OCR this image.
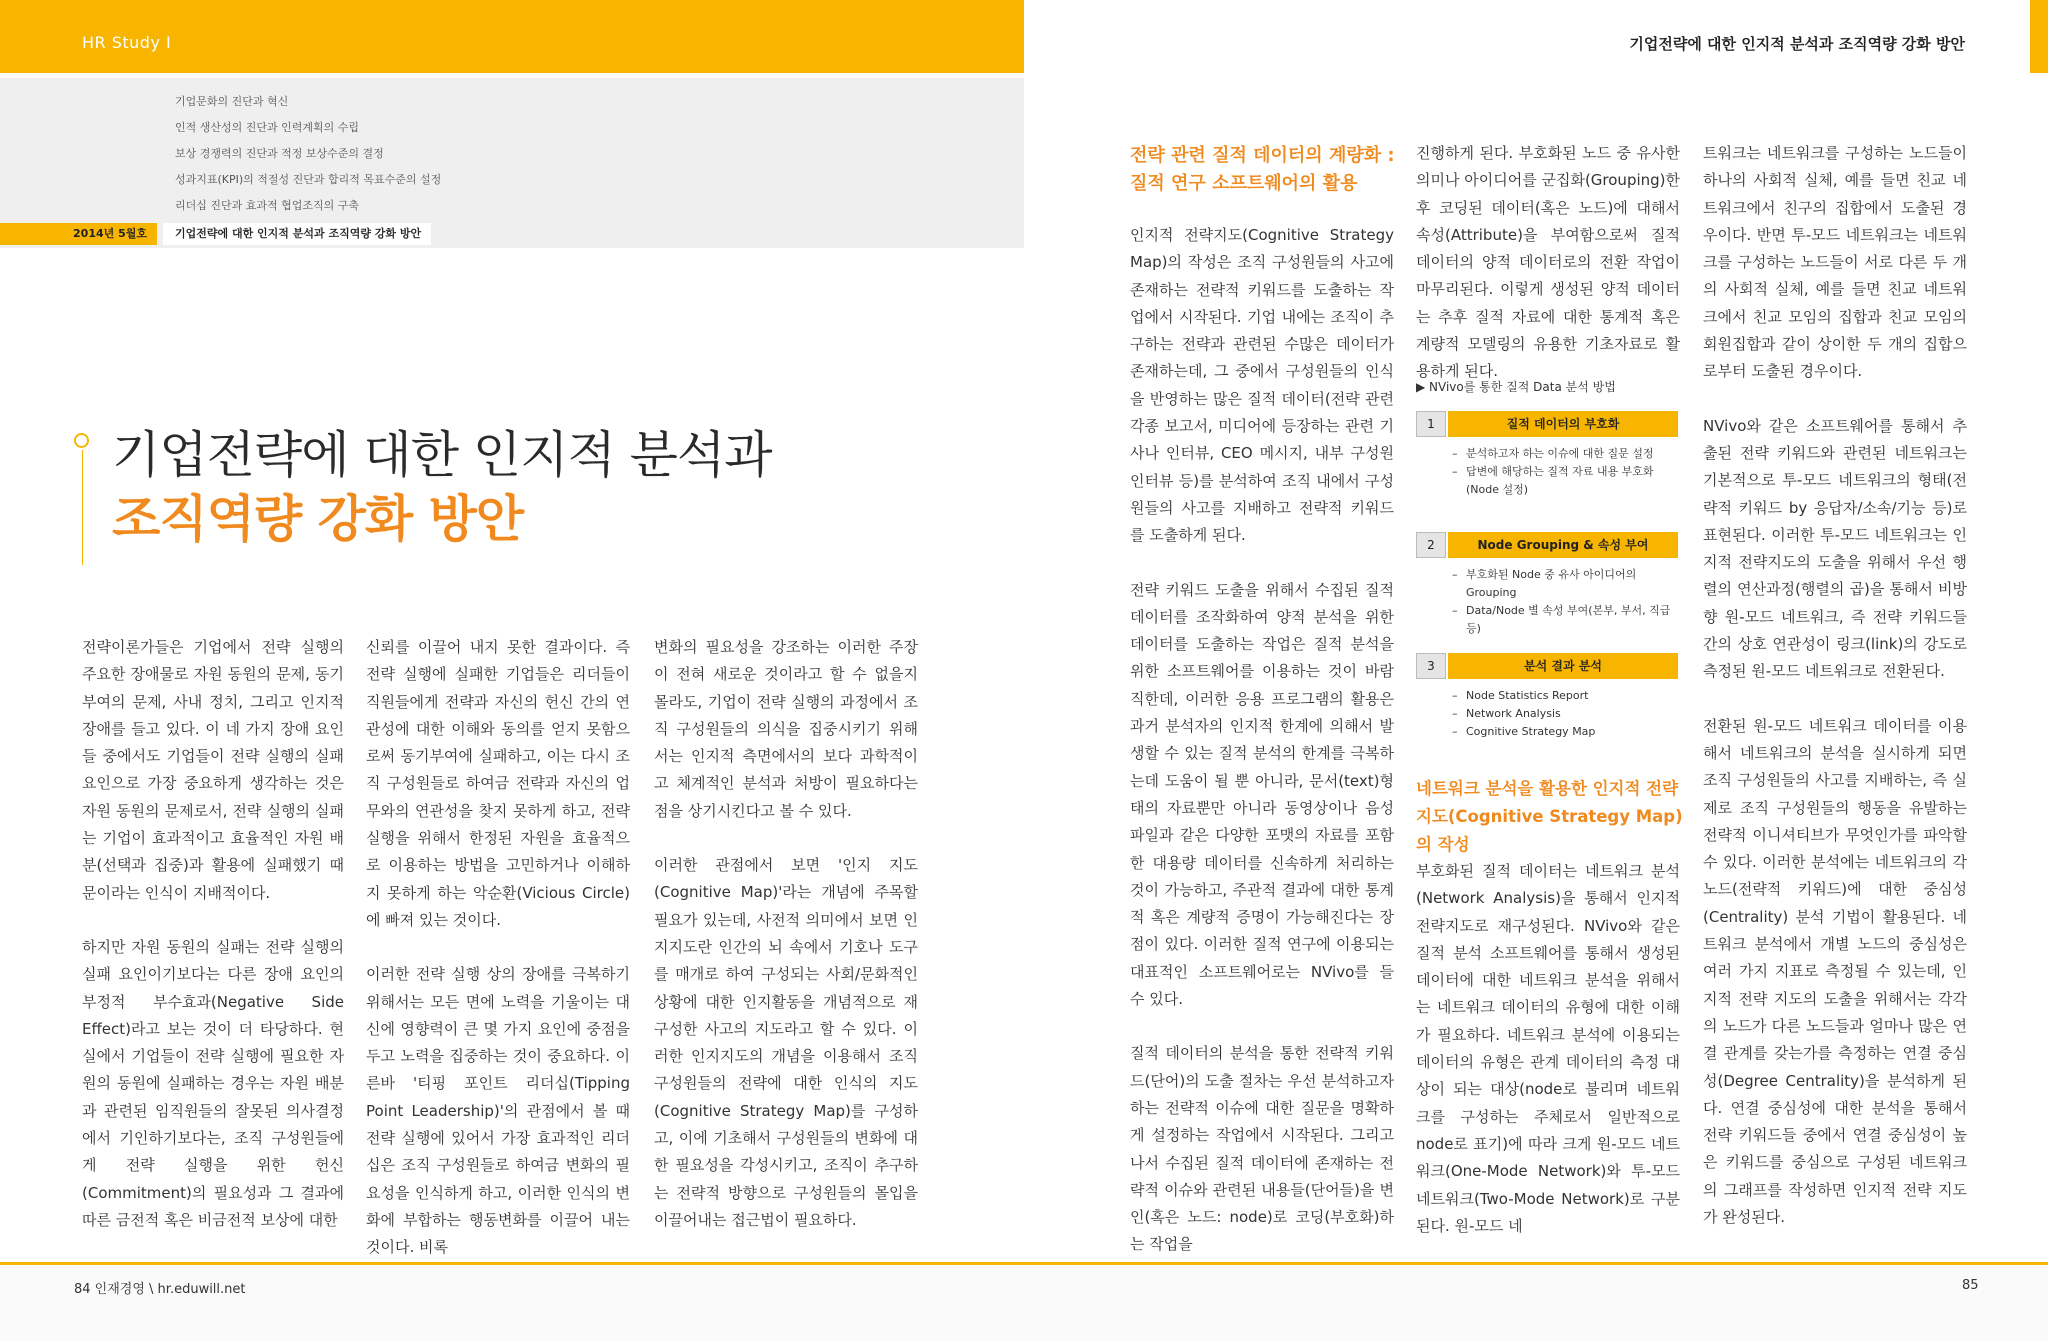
HR Study Ⅰ	기업전략에 대한 인지적 분석과 조직역량 강화 방안
기업문화의 진단과 혁신
인적 생산성의 진단과 인력계획의 수립
보상 경쟁력의 진단과 적정 보상수준의 결정
성과지표(KPI)의 적절성 진단과 합리적 목표수준의 설정
리더십 진단과 효과적 협업조직의 구축
2014년 5월호	기업전략에 대한 인지적 분석과 조직역량 강화 방안
기업전략에 대한 인지적 분석과
조직역량 강화 방안

전략이론가들은 기업에서 전략 실행의 주요한 장애물로 자원 동원의 문제, 동기부여의 문제, 사내 정치, 그리고 인지적 장애를 들고 있다. 이 네 가지 장애 요인들 중에서도 기업들이 전략 실행의 실패 요인으로 가장 중요하게 생각하는 것은 자원 동원의 문제로서, 전략 실행의 실패는 기업이 효과적이고 효율적인 자원 배분(선택과 집중)과 활용에 실패했기 때문이라는 인식이 지배적이다.

하지만 자원 동원의 실패는 전략 실행의 실패 요인이기보다는 다른 장애 요인의 부정적 부수효과(Negative Side Effect)라고 보는 것이 더 타당하다. 현실에서 기업들이 전략 실행에 필요한 자원의 동원에 실패하는 경우는 자원 배분과 관련된 임직원들의 잘못된 의사결정에서 기인하기보다는, 조직 구성원들에게 전략 실행을 위한 헌신(Commitment)의 필요성과 그 결과에 따른 금전적 혹은 비금전적 보상에 대한

신뢰를 이끌어 내지 못한 결과이다. 즉 전략 실행에 실패한 기업들은 리더들이 직원들에게 전략과 자신의 헌신 간의 연관성에 대한 이해와 동의를 얻지 못함으로써 동기부여에 실패하고, 이는 다시 조직 구성원들로 하여금 전략과 자신의 업무와의 연관성을 찾지 못하게 하고, 전략 실행을 위해서 한정된 자원을 효율적으로 이용하는 방법을 고민하거나 이해하지 못하게 하는 악순환(Vicious Circle)에 빠져 있는 것이다.

이러한 전략 실행 상의 장애를 극복하기 위해서는 모든 면에 노력을 기울이는 대신에 영향력이 큰 몇 가지 요인에 중점을 두고 노력을 집중하는 것이 중요하다. 이른바 '티핑 포인트 리더십(Tipping Point Leadership)'의 관점에서 볼 때 전략 실행에 있어서 가장 효과적인 리더십은 조직 구성원들로 하여금 변화의 필요성을 인식하게 하고, 이러한 인식의 변화에 부합하는 행동변화를 이끌어 내는 것이다. 비록

변화의 필요성을 강조하는 이러한 주장이 전혀 새로운 것이라고 할 수 없을지 몰라도, 기업이 전략 실행의 과정에서 조직 구성원들의 의식을 집중시키기 위해서는 인지적 측면에서의 보다 과학적이고 체계적인 분석과 처방이 필요하다는 점을 상기시킨다고 볼 수 있다.

이러한 관점에서 보면 '인지 지도(Cognitive Map)'라는 개념에 주목할 필요가 있는데, 사전적 의미에서 보면 인지지도란 인간의 뇌 속에서 기호나 도구를 매개로 하여 구성되는 사회/문화적인 상황에 대한 인지활동을 개념적으로 재구성한 사고의 지도라고 할 수 있다. 이러한 인지지도의 개념을 이용해서 조직 구성원들의 전략에 대한 인식의 지도(Cognitive Strategy Map)를 구성하고, 이에 기초해서 구성원들의 변화에 대한 필요성을 각성시키고, 조직이 추구하는 전략적 방향으로 구성원들의 몰입을 이끌어내는 접근법이 필요하다.

전략 관련 질적 데이터의 계량화 : 질적 연구 소프트웨어의 활용

인지적 전략지도(Cognitive Strategy Map)의 작성은 조직 구성원들의 사고에 존재하는 전략적 키워드를 도출하는 작업에서 시작된다. 기업 내에는 조직이 추구하는 전략과 관련된 수많은 데이터가 존재하는데, 그 중에서 구성원들의 인식을 반영하는 많은 질적 데이터(전략 관련 각종 보고서, 미디어에 등장하는 관련 기사나 인터뷰, CEO 메시지, 내부 구성원 인터뷰 등)를 분석하여 조직 내에서 구성원들의 사고를 지배하고 전략적 키워드를 도출하게 된다.

전략 키워드 도출을 위해서 수집된 질적 데이터를 조작화하여 양적 분석을 위한 데이터를 도출하는 작업은 질적 분석을 위한 소프트웨어를 이용하는 것이 바람직한데, 이러한 응용 프로그램의 활용은 과거 분석자의 인지적 한계에 의해서 발생할 수 있는 질적 분석의 한계를 극복하는데 도움이 될 뿐 아니라, 문서(text)형태의 자료뿐만 아니라 동영상이나 음성파일과 같은 다양한 포맷의 자료를 포함한 대용량 데이터를 신속하게 처리하는 것이 가능하고, 주관적 결과에 대한 통계적 혹은 계량적 증명이 가능해진다는 장점이 있다. 이러한 질적 연구에 이용되는 대표적인 소프트웨어로는 NVivo를 들 수 있다.

질적 데이터의 분석을 통한 전략적 키워드(단어)의 도출 절차는 우선 분석하고자 하는 전략적 이슈에 대한 질문을 명확하게 설정하는 작업에서 시작된다. 그리고 나서 수집된 질적 데이터에 존재하는 전략적 이슈와 관련된 내용들(단어들)을 변인(혹은 노드: node)로 코딩(부호화)하는 작업을

진행하게 된다. 부호화된 노드 중 유사한 의미나 아이디어를 군집화(Grouping)한 후 코딩된 데이터(혹은 노드)에 대해서 속성(Attribute)을 부여함으로써 질적 데이터의 양적 데이터로의 전환 작업이 마무리된다. 이렇게 생성된 양적 데이터는 추후 질적 자료에 대한 통계적 혹은 계량적 모델링의 유용한 기초자료로 활용하게 된다.

▶ NVivo를 통한 질적 Data 분석 방법
1	질적 데이터의 부호화
– 분석하고자 하는 이슈에 대한 질문 설정
– 답변에 해당하는 질적 자료 내용 부호화 (Node 설정)
2	Node Grouping & 속성 부여
– 부호화된 Node 중 유사 아이디어의 Grouping
– Data/Node 별 속성 부여(본부, 부서, 직급 등)
3	분석 결과 분석
– Node Statistics Report
– Network Analysis
– Cognitive Strategy Map
네트워크 분석을 활용한 인지적 전략지도(Cognitive Strategy Map)의 작성

부호화된 질적 데이터는 네트워크 분석(Network Analysis)을 통해서 인지적 전략지도로 재구성된다. NVivo와 같은 질적 분석 소프트웨어를 통해서 생성된 데이터에 대한 네트워크 분석을 위해서는 네트워크 데이터의 유형에 대한 이해가 필요하다. 네트워크 분석에 이용되는 데이터의 유형은 관계 데이터의 측정 대상이 되는 대상(node로 불리며 네트워크를 구성하는 주체로서 일반적으로 node로 표기)에 따라 크게 원-모드 네트워크(One-Mode Network)와 투-모드 네트워크(Two-Mode Network)로 구분된다. 원-모드 네

트워크는 네트워크를 구성하는 노드들이 하나의 사회적 실체, 예를 들면 친교 네트워크에서 친구의 집합에서 도출된 경우이다. 반면 투-모드 네트워크는 네트워크를 구성하는 노드들이 서로 다른 두 개의 사회적 실체, 예를 들면 친교 네트워크에서 친교 모임의 집합과 친교 모임의 회원집합과 같이 상이한 두 개의 집합으로부터 도출된 경우이다.

NVivo와 같은 소프트웨어를 통해서 추출된 전략 키워드와 관련된 네트워크는 기본적으로 투-모드 네트워크의 형태(전략적 키워드 by 응답자/소속/기능 등)로 표현된다. 이러한 투-모드 네트워크는 인지적 전략지도의 도출을 위해서 우선 행렬의 연산과정(행렬의 곱)을 통해서 비방향 원-모드 네트워크, 즉 전략 키워드들 간의 상호 연관성이 링크(link)의 강도로 측정된 원-모드 네트워크로 전환된다.

전환된 원-모드 네트워크 데이터를 이용해서 네트워크의 분석을 실시하게 되면 조직 구성원들의 사고를 지배하는, 즉 실제로 조직 구성원들의 행동을 유발하는 전략적 이니셔티브가 무엇인가를 파악할 수 있다. 이러한 분석에는 네트워크의 각 노드(전략적 키워드)에 대한 중심성(Centrality) 분석 기법이 활용된다. 네트워크 분석에서 개별 노드의 중심성은 여러 가지 지표로 측정될 수 있는데, 인지적 전략 지도의 도출을 위해서는 각각의 노드가 다른 노드들과 얼마나 많은 연결 관계를 갖는가를 측정하는 연결 중심성(Degree Centrality)을 분석하게 된다. 연결 중심성에 대한 분석을 통해서 전략 키워드들 중에서 연결 중심성이 높은 키워드를 중심으로 구성된 네트워크의 그래프를 작성하면 인지적 전략 지도가 완성된다.

84 인재경영 \ hr.eduwill.net	85
